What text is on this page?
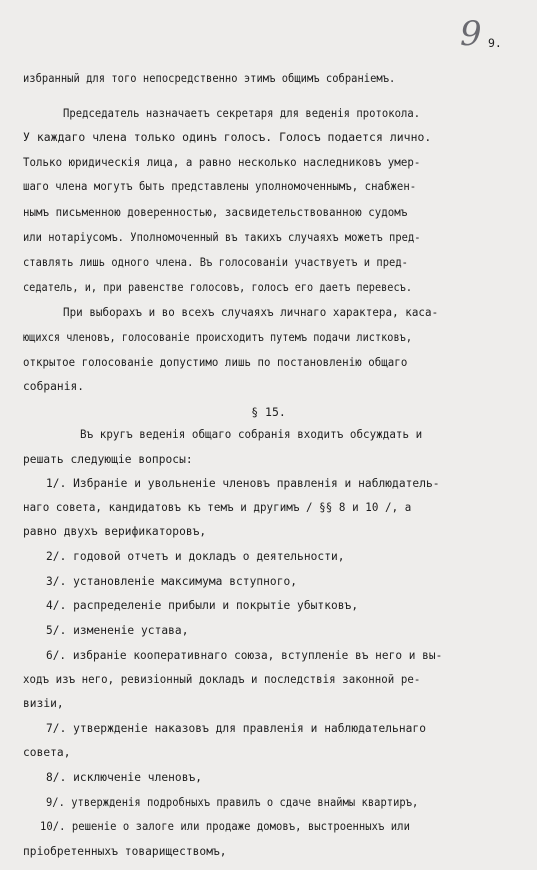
9 9.
избранный для того непосредственно этимъ общимъ собраніемъ.
Председатель назначаетъ секретаря для веденія протокола.
У каждаго члена только одинъ голосъ. Голосъ подается лично.
Только юридическія лица, а равно несколько наследниковъ умер-
шаго члена могутъ быть представлены уполномоченнымъ, снабжен-
нымъ письменною доверенностью, засвидетельствованною судомъ
или нотаріусомъ. Уполномоченный въ такихъ случаяхъ можетъ пред-
ставлять лишь одного члена. Въ голосованіи участвуетъ и пред-
седатель, и, при равенстве голосовъ, голосъ его даетъ перевесъ.
При выборахъ и во всехъ случаяхъ личнаго характера, каса-
ющихся членовъ, голосованіе происходитъ путемъ подачи листковъ,
открытое голосованіе допустимо лишь по постановленію общаго
собранія.
§ 15.
Въ кругъ веденія общаго собранія входитъ обсуждать и
решать следующіе вопросы:
1/. Избраніе и увольненіе членовъ правленія и наблюдатель-
наго совета, кандидатовъ къ темъ и другимъ / §§ 8 и 10 /, а
равно двухъ верификаторовъ,
2/. годовой отчетъ и докладъ о деятельности,
3/. установленіе максимума вступного,
4/. распределеніе прибыли и покрытіе убытковъ,
5/. измененіе устава,
6/. избраніе кооперативнаго союза, вступленіе въ него и вы-
ходъ изъ него, ревизіонный докладъ и последствія законной ре-
визіи,
7/. утвержденіе наказовъ для правленія и наблюдательнаго
совета,
8/. исключеніе членовъ,
9/. утвержденія подробныхъ правилъ о сдаче внаймы квартиръ,
10/. решеніе о залоге или продаже домовъ, выстроенныхъ или
пріобретенныхъ товариществомъ,
